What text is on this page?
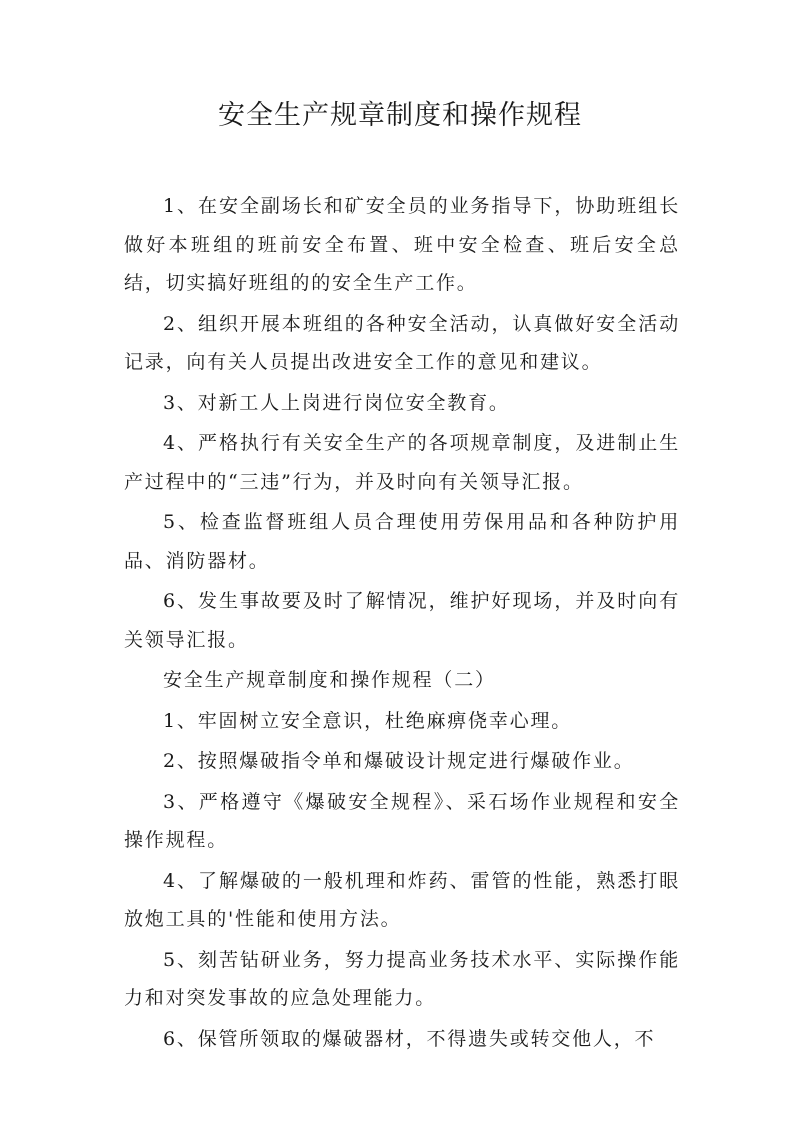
安全生产规章制度和操作规程

1、在安全副场长和矿安全员的业务指导下，协助班组长做好本班组的班前安全布置、班中安全检查、班后安全总结，切实搞好班组的的安全生产工作。

2、组织开展本班组的各种安全活动，认真做好安全活动记录，向有关人员提出改进安全工作的意见和建议。

3、对新工人上岗进行岗位安全教育。

4、严格执行有关安全生产的各项规章制度，及进制止生产过程中的“三违”行为，并及时向有关领导汇报。

5、检查监督班组人员合理使用劳保用品和各种防护用品、消防器材。

6、发生事故要及时了解情况，维护好现场，并及时向有关领导汇报。

安全生产规章制度和操作规程（二）

1、牢固树立安全意识，杜绝麻痹侥幸心理。

2、按照爆破指令单和爆破设计规定进行爆破作业。

3、严格遵守《爆破安全规程》、采石场作业规程和安全操作规程。

4、了解爆破的一般机理和炸药、雷管的性能，熟悉打眼放炮工具的'性能和使用方法。

5、刻苦钻研业务，努力提高业务技术水平、实际操作能力和对突发事故的应急处理能力。

6、保管所领取的爆破器材，不得遗失或转交他人，不
